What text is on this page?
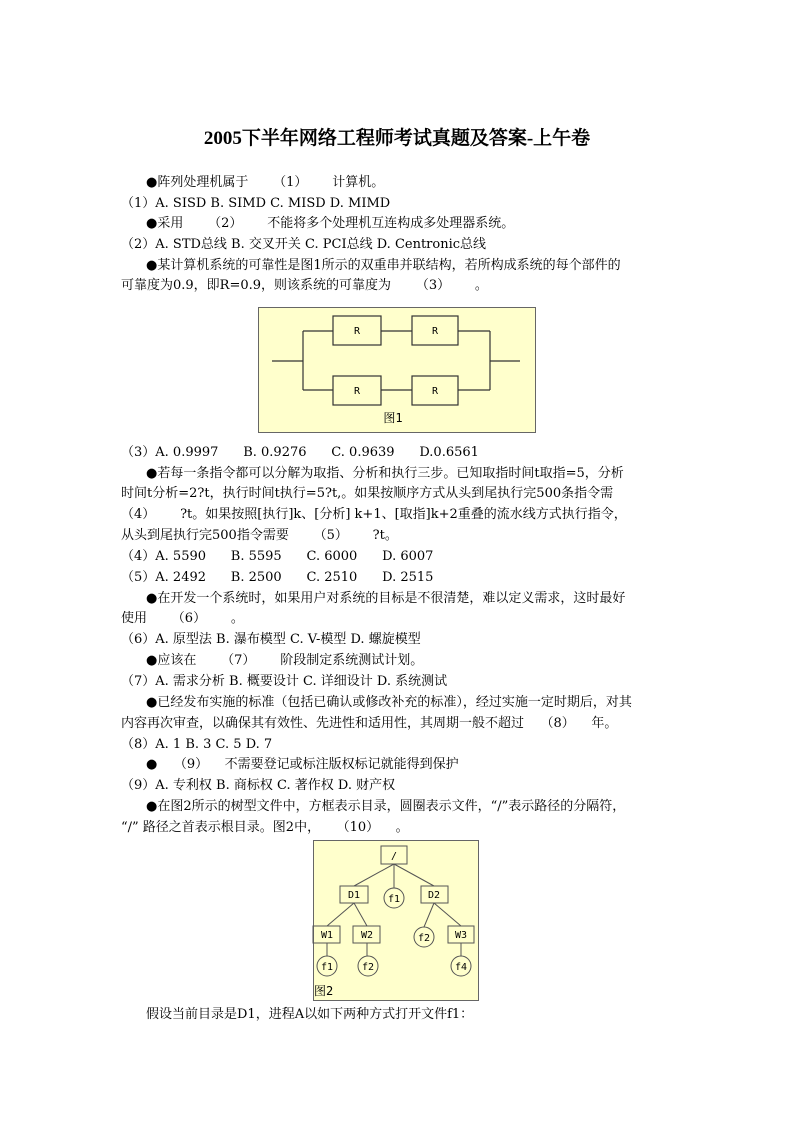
2005下半年网络工程师考试真题及答案-上午卷
●阵列处理机属于      （1）      计算机。
（1）A. SISD B. SIMD C. MISD D. MIMD
●采用      （2）      不能将多个处理机互连构成多处理器系统。
（2）A. STD总线 B. 交叉开关 C. PCI总线 D. Centronic总线
●某计算机系统的可靠性是图1所示的双重串并联结构，若所构成系统的每个部件的
可靠度为0.9，即R=0.9，则该系统的可靠度为      （3）      。
R	R
R	R
图1
/
D1	D2
W1	W2	W3
f1
f2
f1	f2	f4
图2
（3）A. 0.9997      B. 0.9276      C. 0.9639      D.0.6561
●若每一条指令都可以分解为取指、分析和执行三步。已知取指时间t取指=5，分析
时间t分析=2?t，执行时间t执行=5?t,。如果按顺序方式从头到尾执行完500条指令需
（4）      ?t。如果按照[执行]k、[分析] k+1、[取指]k+2重叠的流水线方式执行指令，
从头到尾执行完500指令需要      （5）      ?t。
（4）A. 5590      B. 5595      C. 6000      D. 6007
（5）A. 2492      B. 2500      C. 2510      D. 2515
●在开发一个系统时，如果用户对系统的目标是不很清楚，难以定义需求，这时最好
使用      （6）      。
（6）A. 原型法 B. 瀑布模型 C. V-模型 D. 螺旋模型
●应该在      （7）      阶段制定系统测试计划。
（7）A. 需求分析 B. 概要设计 C. 详细设计 D. 系统测试
●已经发布实施的标准（包括已确认或修改补充的标准），经过实施一定时期后，对其
内容再次审查，以确保其有效性、先进性和适用性，其周期一般不超过    （8）    年。
（8）A. 1 B. 3 C. 5 D. 7
●    （9）    不需要登记或标注版权标记就能得到保护
（9）A. 专利权 B. 商标权 C. 著作权 D. 财产权
●在图2所示的树型文件中，方框表示目录，圆圈表示文件，“/”表示路径的分隔符，
“/” 路径之首表示根目录。图2中，    （10）    。
假设当前目录是D1，进程A以如下两种方式打开文件f1：
